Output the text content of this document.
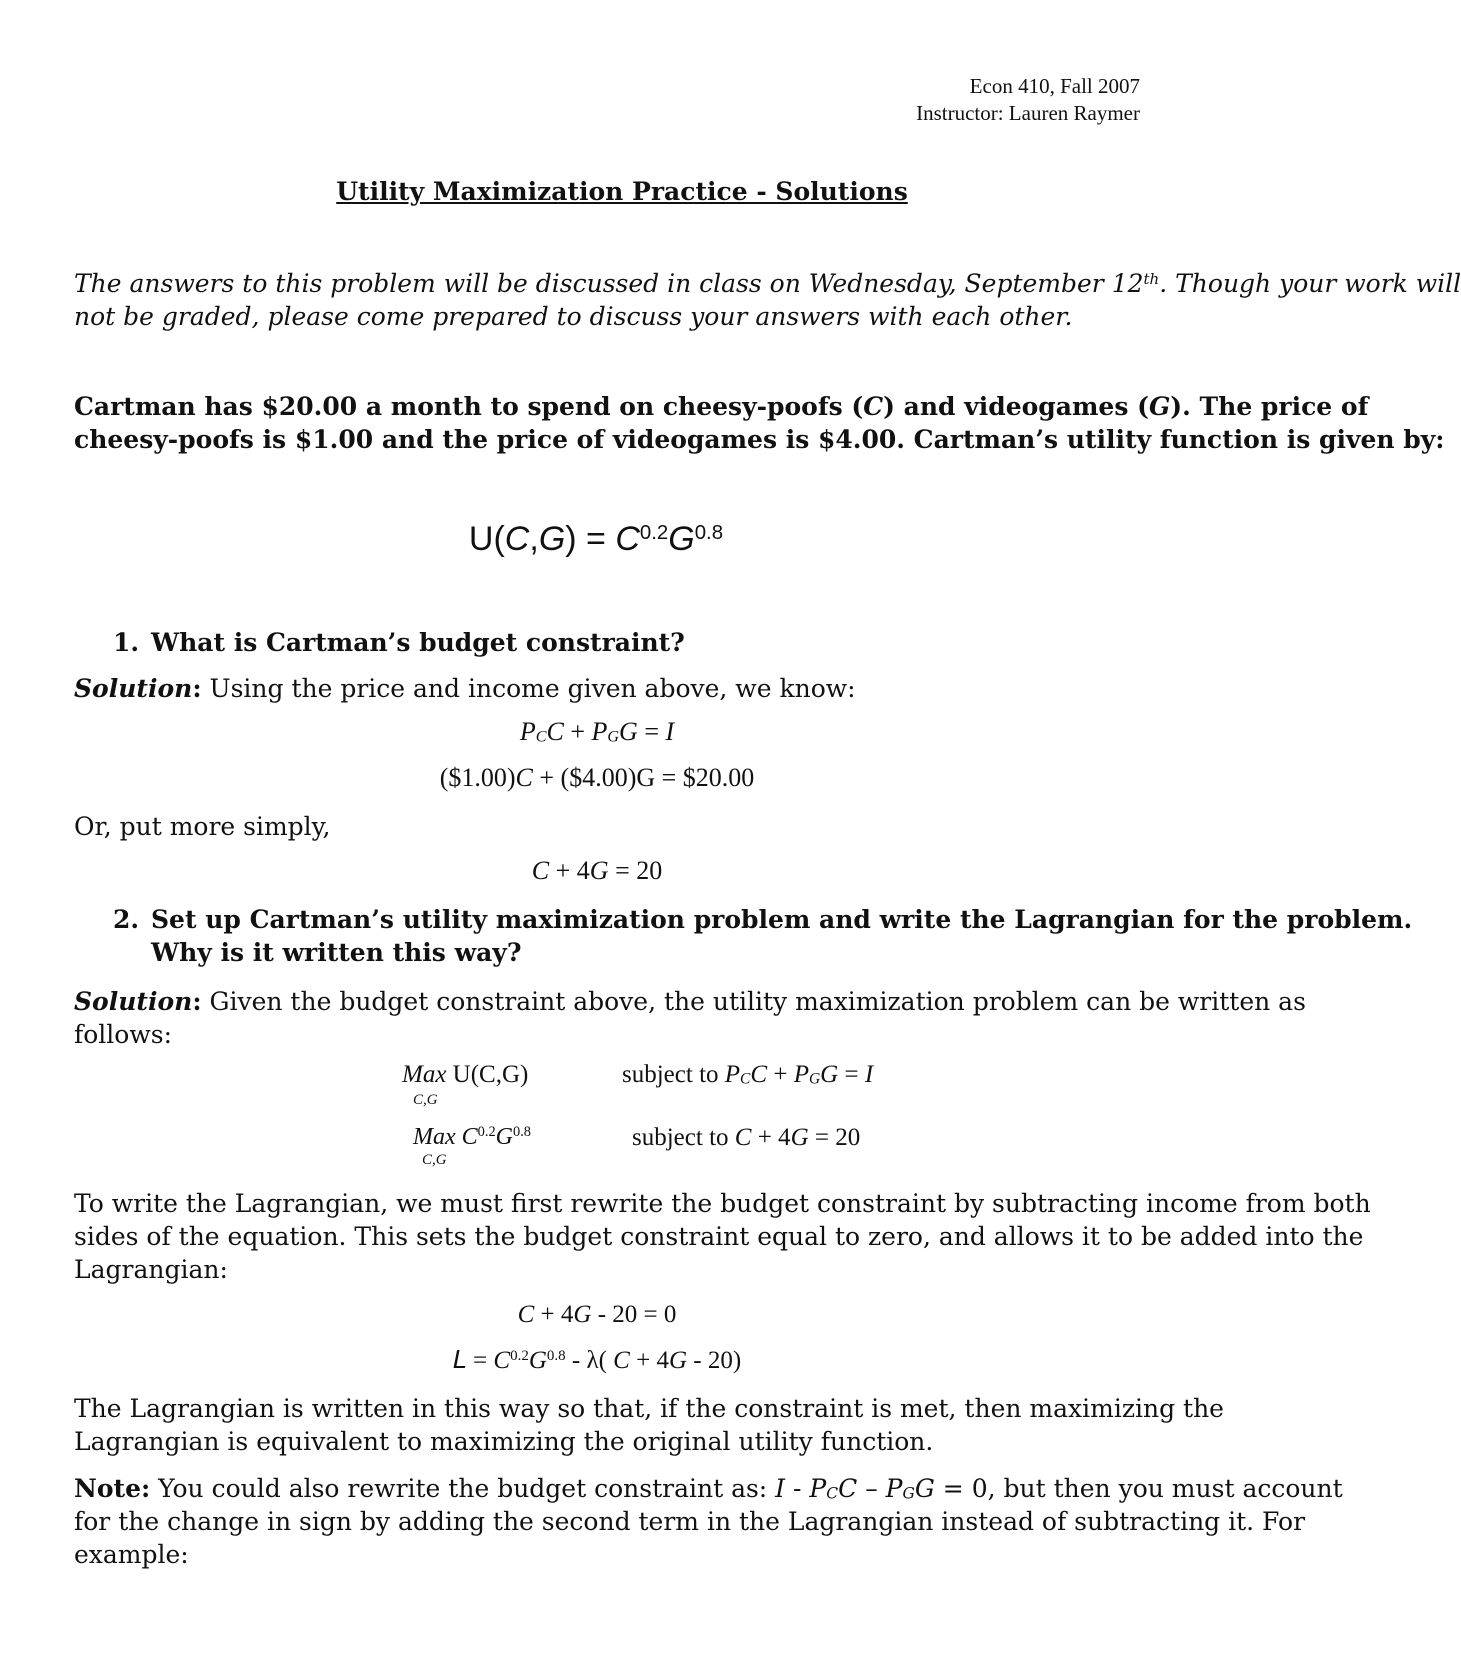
Econ 410, Fall 2007
Instructor: Lauren Raymer
Utility Maximization Practice - Solutions
The answers to this problem will be discussed in class on Wednesday, September 12th. Though your work will
not be graded, please come prepared to discuss your answers with each other.
Cartman has $20.00 a month to spend on cheesy-poofs (C) and videogames (G). The price of
cheesy-poofs is $1.00 and the price of videogames is $4.00. Cartman’s utility function is given by:
$U(C,G) = C^{0.2}G^{0.8}$
1. What is Cartman’s budget constraint?
Solution: Using the price and income given above, we know:
$P_CC + P_GG = I$
($1.00)C + ($4.00)G = $20.00
Or, put more simply,
C + 4G = 20
2. Set up Cartman’s utility maximization problem and write the Lagrangian for the problem.
Why is it written this way?
Solution: Given the budget constraint above, the utility maximization problem can be written as
follows:
Max U(C,G)
C,G
subject to $P_CC + P_GG = I$
Max $C^{0.2}G^{0.8}$
C,G
subject to C + 4G = 20
To write the Lagrangian, we must first rewrite the budget constraint by subtracting income from both
sides of the equation. This sets the budget constraint equal to zero, and allows it to be added into the
Lagrangian:
C + 4G - 20 = 0
$L = C^{0.2}G^{0.8} - \lambda$( C + 4G - 20)
The Lagrangian is written in this way so that, if the constraint is met, then maximizing the
Lagrangian is equivalent to maximizing the original utility function.
Note: You could also rewrite the budget constraint as: $I - P_CC - P_GG = 0$, but then you must account
for the change in sign by adding the second term in the Lagrangian instead of subtracting it. For
example:
